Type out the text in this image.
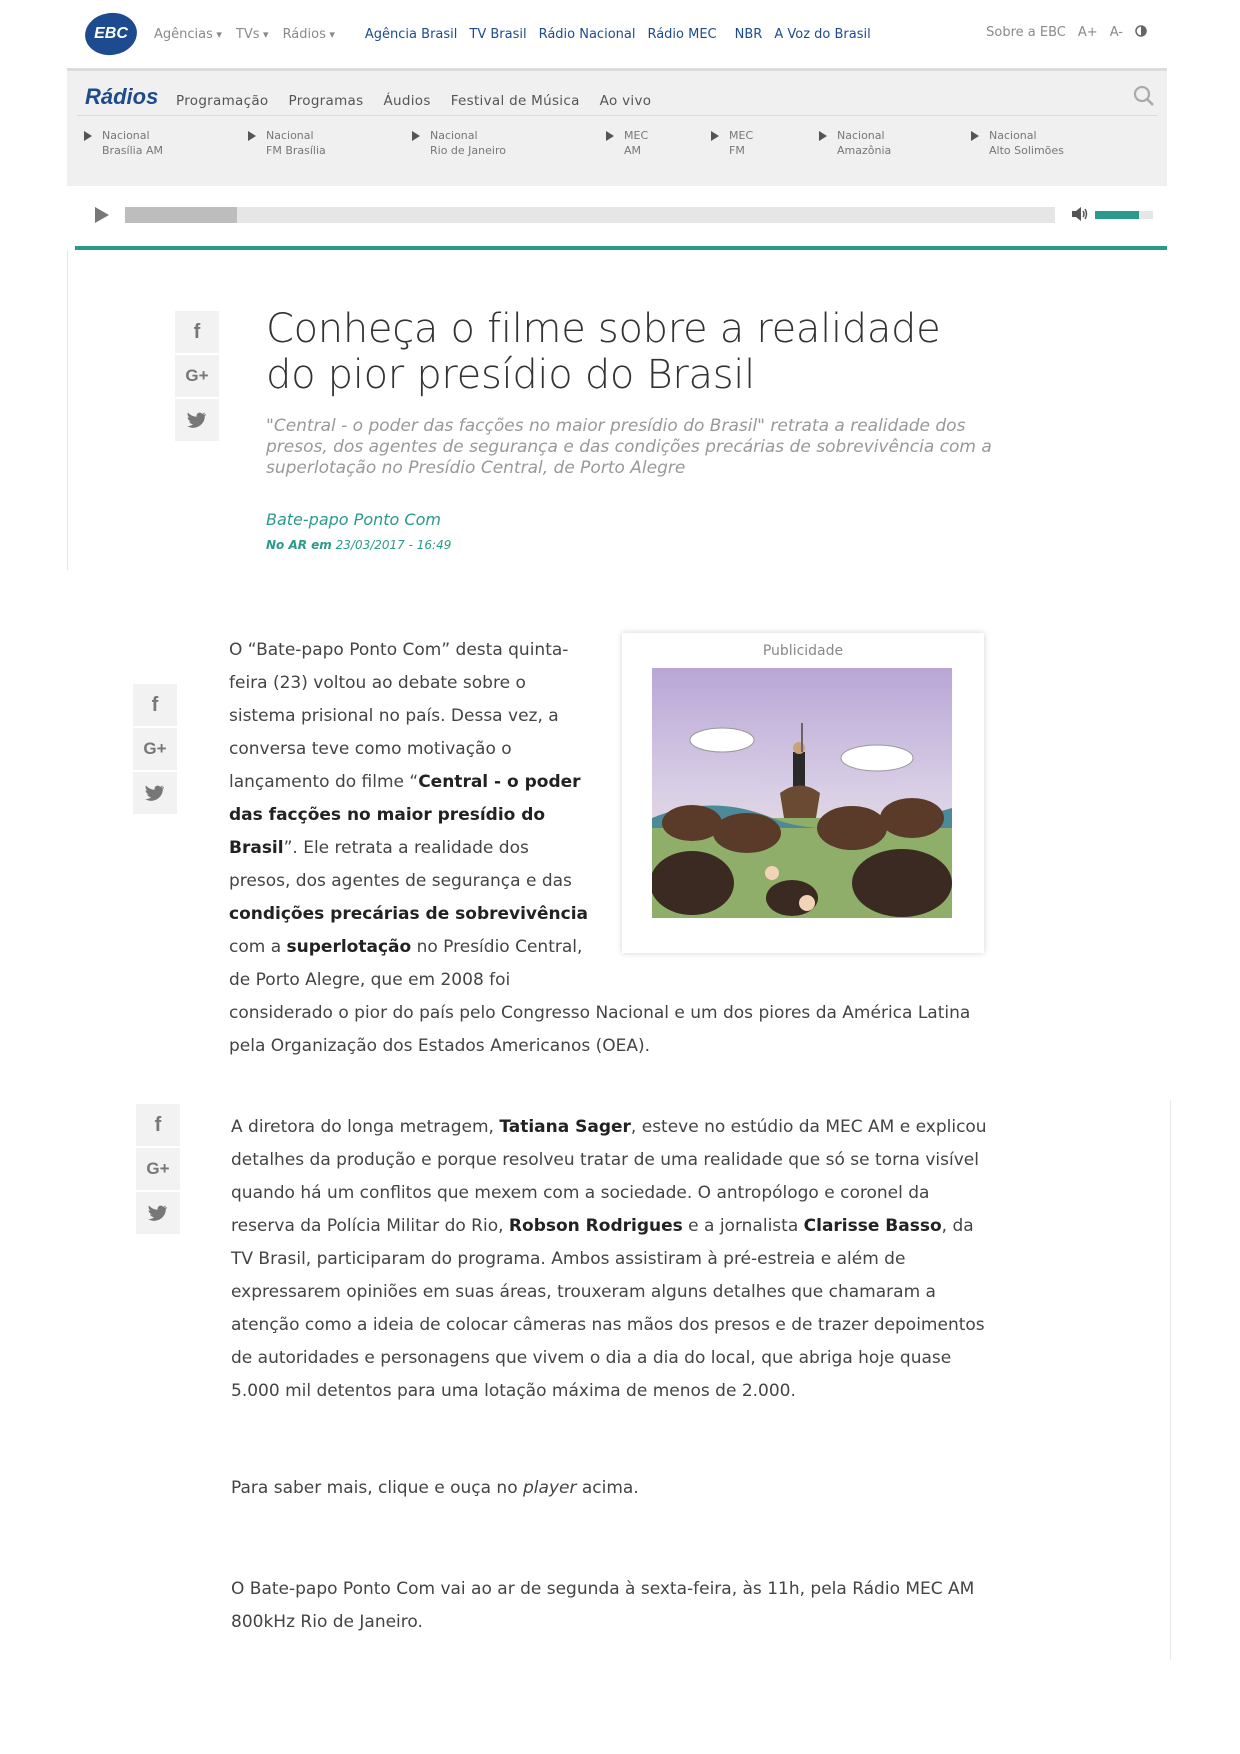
EBC	Agências ▾	TVs ▾	Rádios ▾	Agência Brasil TV Brasil Rádio Nacional Rádio MEC NBR A Voz do Brasil	Sobre a EBC A+ A-
Rádios Programação Programas Áudios Festival de Música Ao vivo
Nacional
Brasília AM
Nacional
FM Brasília
Nacional
Rio de Janeiro
MEC
AM
MEC
FM
Nacional
Amazônia
Nacional
Alto Solimões
f
G+
Conheça o filme sobre a realidade do pior presídio do Brasil
"Central - o poder das facções no maior presídio do Brasil" retrata a realidade dos presos, dos agentes de segurança e das condições precárias de sobrevivência com a superlotação no Presídio Central, de Porto Alegre
Bate-papo Ponto Com
No AR em 23/03/2017 - 16:49
f
G+
O “Bate-papo Ponto Com” desta quinta-feira (23) voltou ao debate sobre o sistema prisional no país. Dessa vez, a conversa teve como motivação o lançamento do filme “Central - o poder das facções no maior presídio do Brasil”. Ele retrata a realidade dos presos, dos agentes de segurança e das condições precárias de sobrevivência com a superlotação no Presídio Central, de Porto Alegre, que em 2008 foi
considerado o pior do país pelo Congresso Nacional e um dos piores da América Latina pela Organização dos Estados Americanos (OEA).
Publicidade
f
G+
A diretora do longa metragem, Tatiana Sager, esteve no estúdio da MEC AM e explicou detalhes da produção e porque resolveu tratar de uma realidade que só se torna visível quando há um conflitos que mexem com a sociedade. O antropólogo e coronel da reserva da Polícia Militar do Rio, Robson Rodrigues e a jornalista Clarisse Basso, da TV Brasil, participaram do programa. Ambos assistiram à pré-estreia e além de expressarem opiniões em suas áreas, trouxeram alguns detalhes que chamaram a atenção como a ideia de colocar câmeras nas mãos dos presos e de trazer depoimentos de autoridades e personagens que vivem o dia a dia do local, que abriga hoje quase 5.000 mil detentos para uma lotação máxima de menos de 2.000.
Para saber mais, clique e ouça no player acima.
O Bate-papo Ponto Com vai ao ar de segunda à sexta-feira, às 11h, pela Rádio MEC AM 800kHz Rio de Janeiro.
